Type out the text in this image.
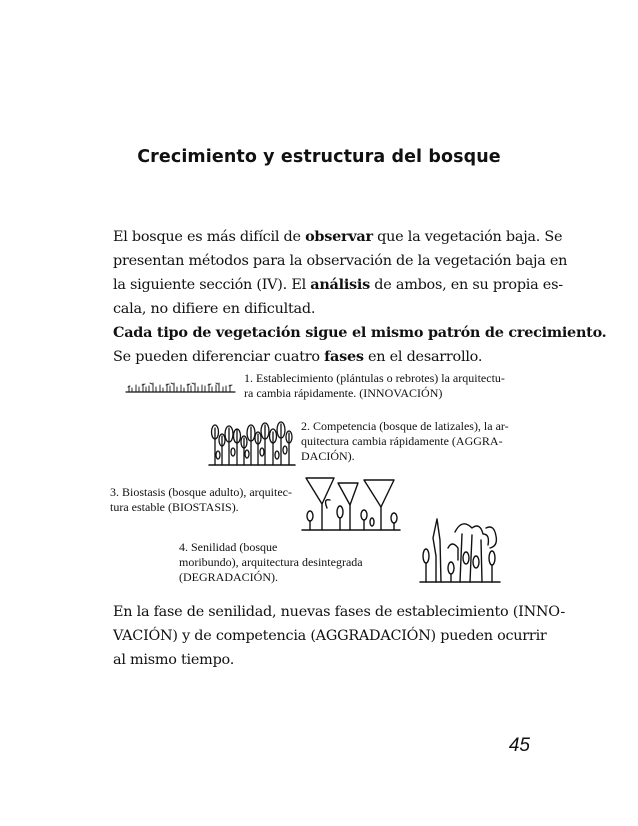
Crecimiento y estructura del bosque
El bosque es más difícil de observar que la vegetación baja. Se
presentan métodos para la observación de la vegetación baja en
la siguiente sección (IV). El análisis de ambos, en su propia es-
cala, no difiere en dificultad.
Cada tipo de vegetación sigue el mismo patrón de crecimiento.
Se pueden diferenciar cuatro fases en el desarrollo.
1. Establecimiento (plántulas o rebrotes) la arquitectu-
ra cambia rápidamente. (INNOVACIÓN)
2. Competencia (bosque de latizales), la ar-
quitectura cambia rápidamente (AGGRA-
DACIÓN).
3. Biostasis (bosque adulto), arquitec-
tura estable (BIOSTASIS).
4. Senilidad (bosque
moribundo), arquitectura desintegrada
(DEGRADACIÓN).
En la fase de senilidad, nuevas fases de establecimiento (INNO-
VACIÓN) y de competencia (AGGRADACIÓN) pueden ocurrir
al mismo tiempo.
45
